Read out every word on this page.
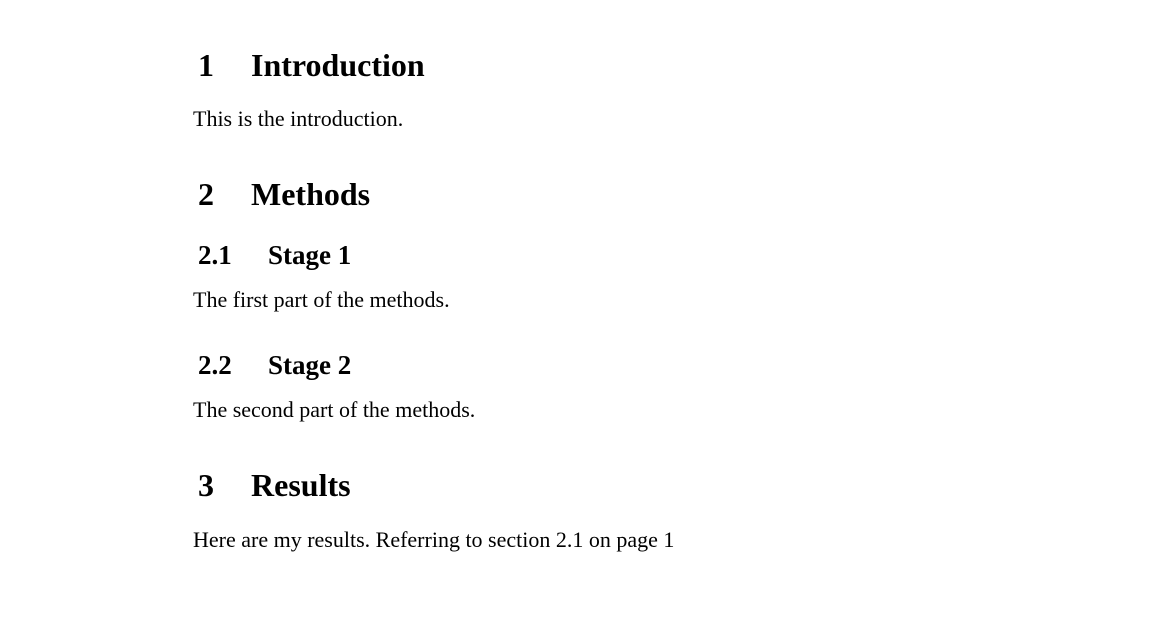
1	Introduction
This is the introduction.
2	Methods
2.1	Stage 1
The first part of the methods.
2.2	Stage 2
The second part of the methods.
3	Results
Here are my results. Referring to section 2.1 on page 1
